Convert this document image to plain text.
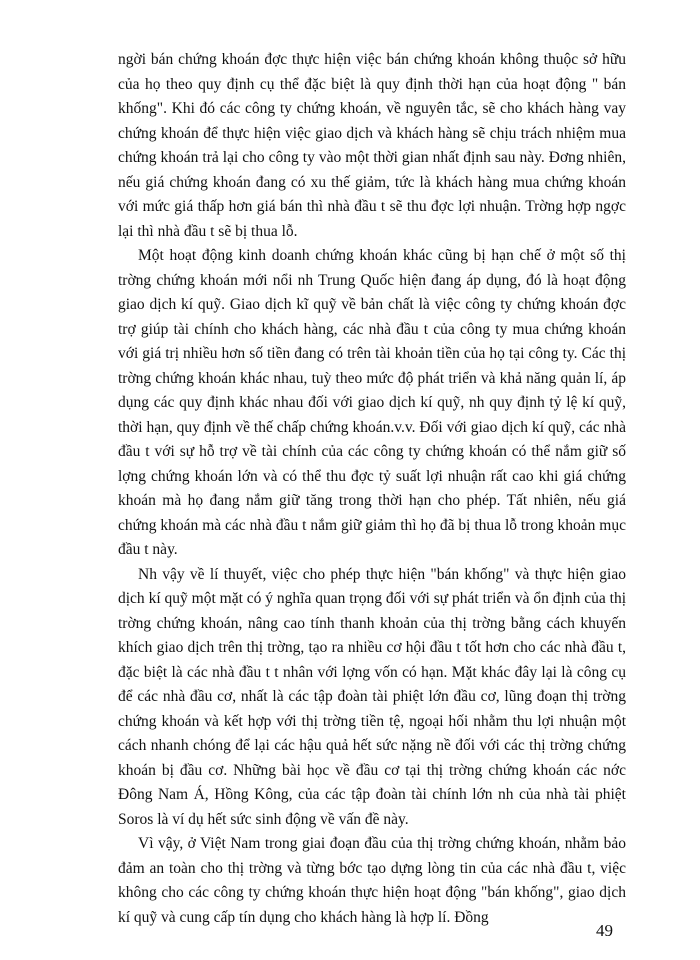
ngời bán chứng khoán đợc thực hiện việc bán chứng khoán không thuộc sở hữu của họ theo quy định cụ thể đặc biệt là quy định thời hạn của hoạt động " bán khống". Khi đó các công ty chứng khoán, về nguyên tắc, sẽ cho khách hàng vay chứng khoán để thực hiện việc giao dịch và khách hàng sẽ chịu trách nhiệm mua chứng khoán trả lại cho công ty vào một thời gian nhất định sau này. Đơng nhiên, nếu giá chứng khoán đang có xu thế giảm, tức là khách hàng mua chứng khoán với mức giá thấp hơn giá bán thì nhà đầu t sẽ thu đợc lợi nhuận. Trờng hợp ngợc lại thì nhà đầu t sẽ bị thua lỗ.

Một hoạt động kinh doanh chứng khoán khác cũng bị hạn chế ở một số thị trờng chứng khoán mới nổi nh Trung Quốc hiện đang áp dụng, đó là hoạt động giao dịch kí quỹ. Giao dịch kĩ quỹ về bản chất là việc công ty chứng khoán đợc trợ giúp tài chính cho khách hàng, các nhà đầu t của công ty mua chứng khoán với giá trị nhiều hơn số tiền đang có trên tài khoản tiền của họ tại công ty. Các thị trờng chứng khoán khác nhau, tuỳ theo mức độ phát triển và khả năng quản lí, áp dụng các quy định khác nhau đối với giao dịch kí quỹ, nh quy định tỷ lệ kí quỹ, thời hạn, quy định về thế chấp chứng khoán.v.v. Đối với giao dịch kí quỹ, các nhà đầu t với sự hỗ trợ về tài chính của các công ty chứng khoán có thể nắm giữ số lợng chứng khoán lớn và có thể thu đợc tỷ suất lợi nhuận rất cao khi giá chứng khoán mà họ đang nắm giữ tăng trong thời hạn cho phép. Tất nhiên, nếu giá chứng khoán mà các nhà đầu t nắm giữ giảm thì họ đã bị thua lỗ trong khoản mục đầu t này.

Nh vậy về lí thuyết, việc cho phép thực hiện "bán khống" và thực hiện giao dịch kí quỹ một mặt có ý nghĩa quan trọng đối với sự phát triển và ổn định của thị trờng chứng khoán, nâng cao tính thanh khoản của thị trờng bằng cách khuyến khích giao dịch trên thị trờng, tạo ra nhiều cơ hội đầu t tốt hơn cho các nhà đầu t, đặc biệt là các nhà đầu t t nhân với lợng vốn có hạn. Mặt khác đây lại là công cụ để các nhà đầu cơ, nhất là các tập đoàn tài phiệt lớn đầu cơ, lũng đoạn thị trờng chứng khoán và kết hợp với thị trờng tiền tệ, ngoại hối nhằm thu lợi nhuận một cách nhanh chóng để lại các hậu quả hết sức nặng nề đối với các thị trờng chứng khoán bị đầu cơ. Những bài học về đầu cơ tại thị trờng chứng khoán các nớc Đông Nam Á, Hồng Kông, của các tập đoàn tài chính lớn nh của nhà tài phiệt Soros là ví dụ hết sức sinh động về vấn đề này.

Vì vậy, ở Việt Nam trong giai đoạn đầu của thị trờng chứng khoán, nhằm bảo đảm an toàn cho thị trờng và từng bớc tạo dựng lòng tin của các nhà đầu t, việc không cho các công ty chứng khoán thực hiện hoạt động "bán khống", giao dịch kí quỹ và cung cấp tín dụng cho khách hàng là hợp lí. Đồng

49
